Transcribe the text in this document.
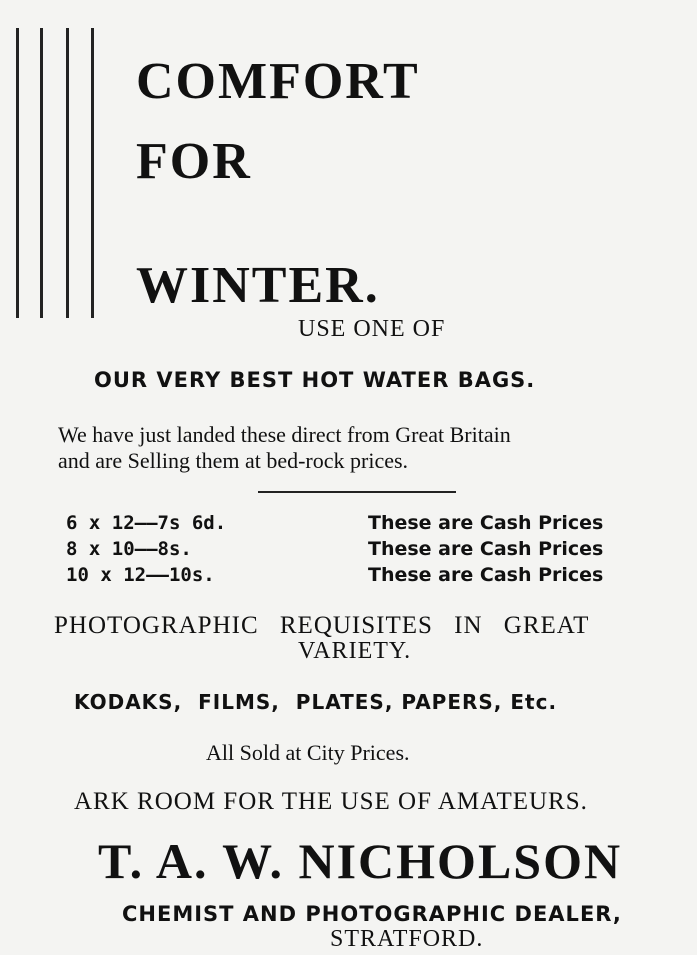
COMFORT
FOR
WINTER.
USE ONE OF
OUR VERY BEST HOT WATER BAGS.
We have just landed these direct from Great Britain
and are Selling them at bed-rock prices.
6 x 12——7s 6d.	These are Cash Prices
8 x 10——8s.	These are Cash Prices
10 x 12——10s.	These are Cash Prices
PHOTOGRAPHIC REQUISITES IN GREAT
VARIETY.
KODAKS,  FILMS,  PLATES, PAPERS, Etc.
All Sold at City Prices.
ARK ROOM FOR THE USE OF AMATEURS.
T. A. W. NICHOLSON
CHEMIST AND PHOTOGRAPHIC DEALER,
STRATFORD.
